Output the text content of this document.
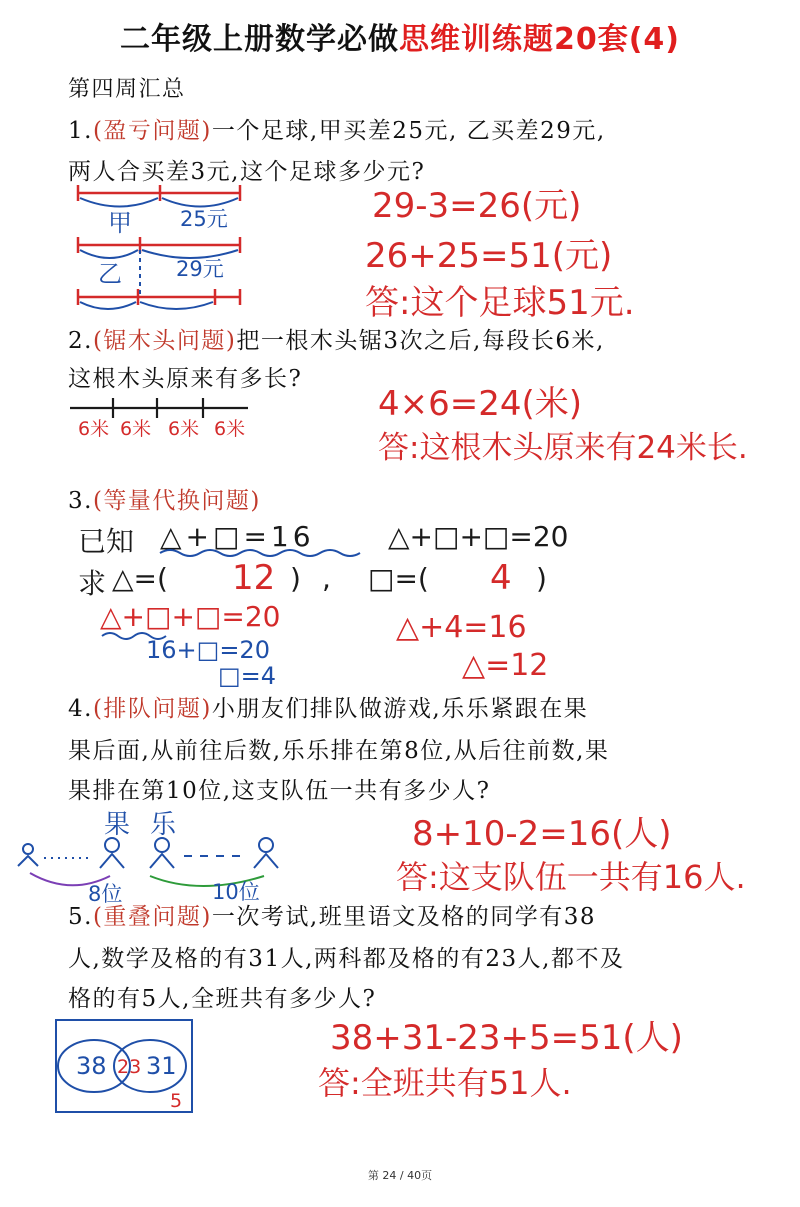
二年级上册数学必做思维训练题20套(4)
第四周汇总
1.(盈亏问题)一个足球,甲买差25元, 乙买差29元,
两人合买差3元,这个足球多少元?
甲 25元
乙	29元
29-3=26(元)
26+25=51(元)
答:这个足球51元.
2.(锯木头问题)把一根木头锯3次之后,每段长6米,
这根木头原来有多长?
6米 6米 6米 6米
4×6=24(米)
答:这根木头原来有24米长.
3.(等量代换问题)
已知 △+□=16	△+□+□=20
求 △=( 12 ) , □=( 4 )
△+□+□=20
16+□=20
□=4
△+4=16
△=12
4.(排队问题)小朋友们排队做游戏,乐乐紧跟在果
果后面,从前往后数,乐乐排在第8位,从后往前数,果
果排在第10位,这支队伍一共有多少人?
果 乐
8位	10位
8+10-2=16(人)
答:这支队伍一共有16人.
5.(重叠问题)一次考试,班里语文及格的同学有38
人,数学及格的有31人,两科都及格的有23人,都不及
格的有5人,全班共有多少人?
38 23 31
5
38+31-23+5=51(人)
答:全班共有51人.
第 24 / 40页
